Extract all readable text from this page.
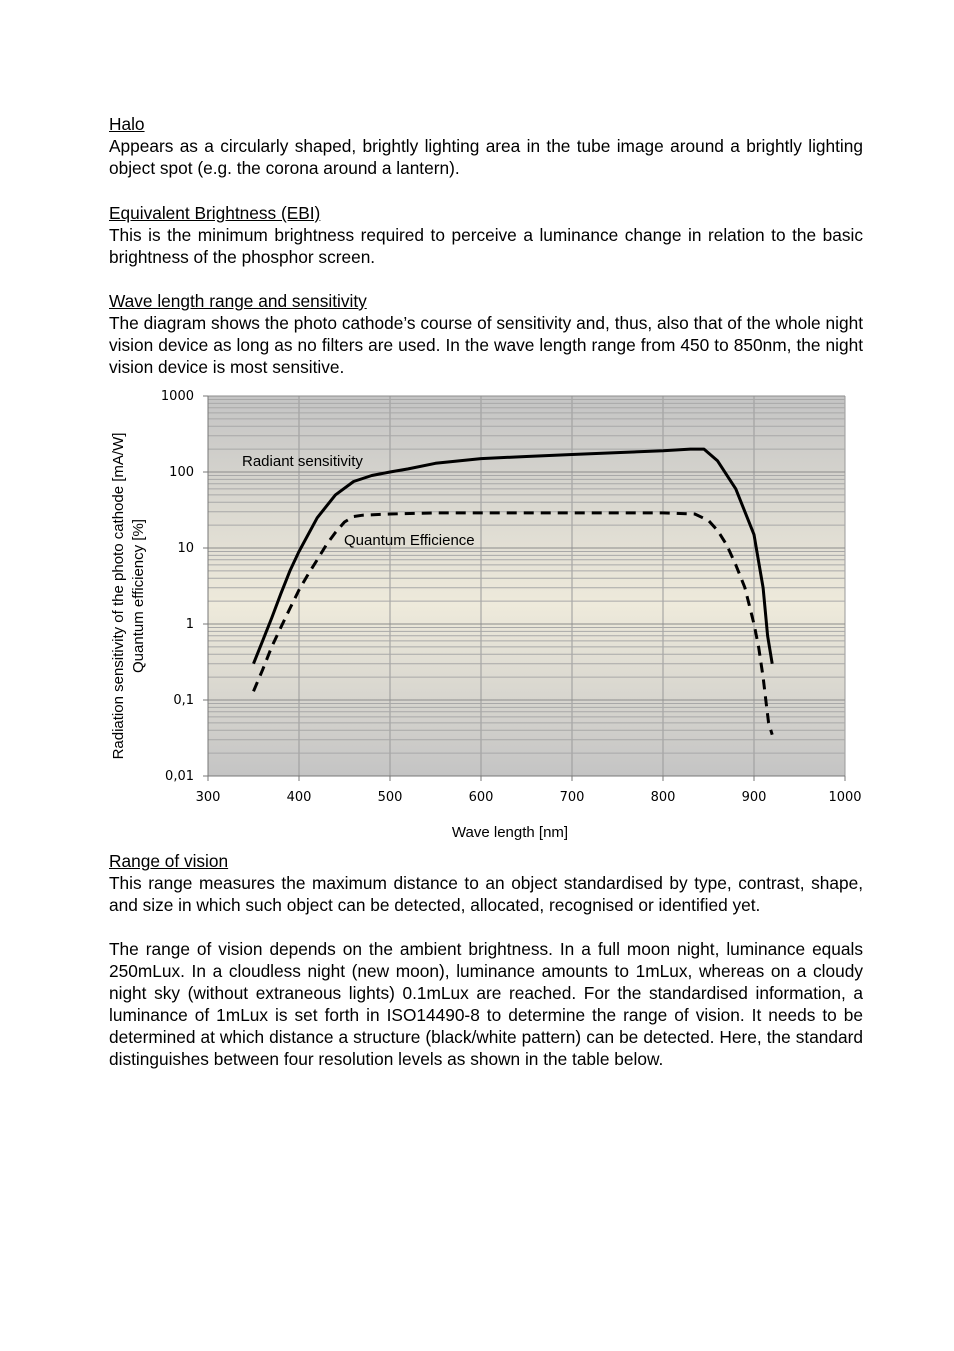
Halo
Appears as a circularly shaped, brightly lighting area in the tube image around a brightly lighting object spot (e.g. the corona around a lantern).
Equivalent Brightness (EBI)
This is the minimum brightness required to perceive a luminance change in relation to the basic brightness of the phosphor screen.
Wave length range and sensitivity
The diagram shows the photo cathode’s course of sensitivity and, thus, also that of the whole night vision device as long as no filters are used. In the wave length range from 450 to 850nm, the night vision device is most sensitive.
300	400	500	600	700	800	900	1000
0,01
0,1
1
10
100
1000
Radiant sensitivity
Quantum Efficience
Wave length [nm]
Radiation sensitivity of the photo cathode [mA/W] Quantum efficiency [%]
Range of vision
This range measures the maximum distance to an object standardised by type, contrast, shape, and size in which such object can be detected, allocated, recognised or identified yet.
The range of vision depends on the ambient brightness. In a full moon night, luminance equals 250mLux. In a cloudless night (new moon), luminance amounts to 1mLux, whereas on a cloudy night sky (without extraneous lights) 0.1mLux are reached. For the standardised information, a luminance of 1mLux is set forth in ISO14490-8 to determine the range of vision. It needs to be determined at which distance a structure (black/white pattern) can be detected. Here, the standard distinguishes between four resolution levels as shown in the table below.
